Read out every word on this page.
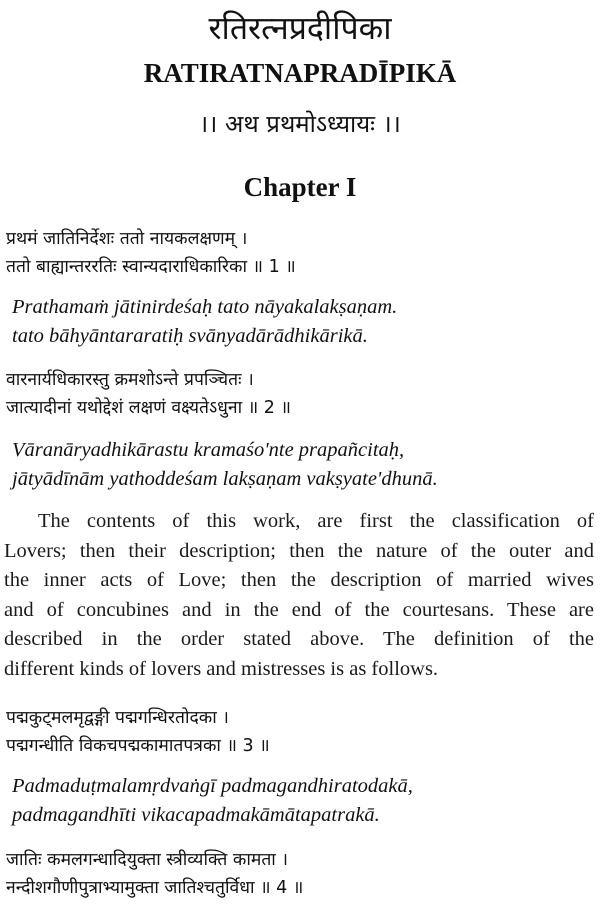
रतिरत्नप्रदीपिका
RATIRATNAPRADĪPIKĀ
।। अथ प्रथमोऽध्यायः ।।
Chapter I
प्रथमं जातिनिर्देशः ततो नायकलक्षणम् ।
ततो बाह्यान्तररतिः स्वान्यदाराधिकारिका ॥ 1 ॥
Prathamaṁ jātinirdeśaḥ tato nāyakalakṣaṇam.
tato bāhyāntararatiḥ svānyadārādhikārikā.
वारनार्यधिकारस्तु क्रमशोऽन्ते प्रपञ्चितः ।
जात्यादीनां यथोद्देशं लक्षणं वक्ष्यतेऽधुना ॥ 2 ॥
Vāranāryadhikārastu kramaśo'nte prapañcitaḥ,
jātyādīnām yathoddeśam lakṣaṇam vakṣyate'dhunā.
The contents of this work, are first the classification of
Lovers; then their description; then the nature of the outer and
the inner acts of Love; then the description of married wives
and of concubines and in the end of the courtesans. These are
described in the order stated above. The definition of the
different kinds of lovers and mistresses is as follows.
पद्मकुट्मलमृद्वङ्गी पद्मगन्धिरतोदका ।
पद्मगन्धीति विकचपद्मकामातपत्रका ॥ 3 ॥
Padmaduṭmalamṛdvaṅgī padmagandhiratodakā,
padmagandhīti vikacapadmakāmātapatrakā.
जातिः कमलगन्धादियुक्ता स्त्रीव्यक्ति कामता ।
नन्दीशगौणीपुत्राभ्यामुक्ता जातिश्चतुर्विधा ॥ 4 ॥
